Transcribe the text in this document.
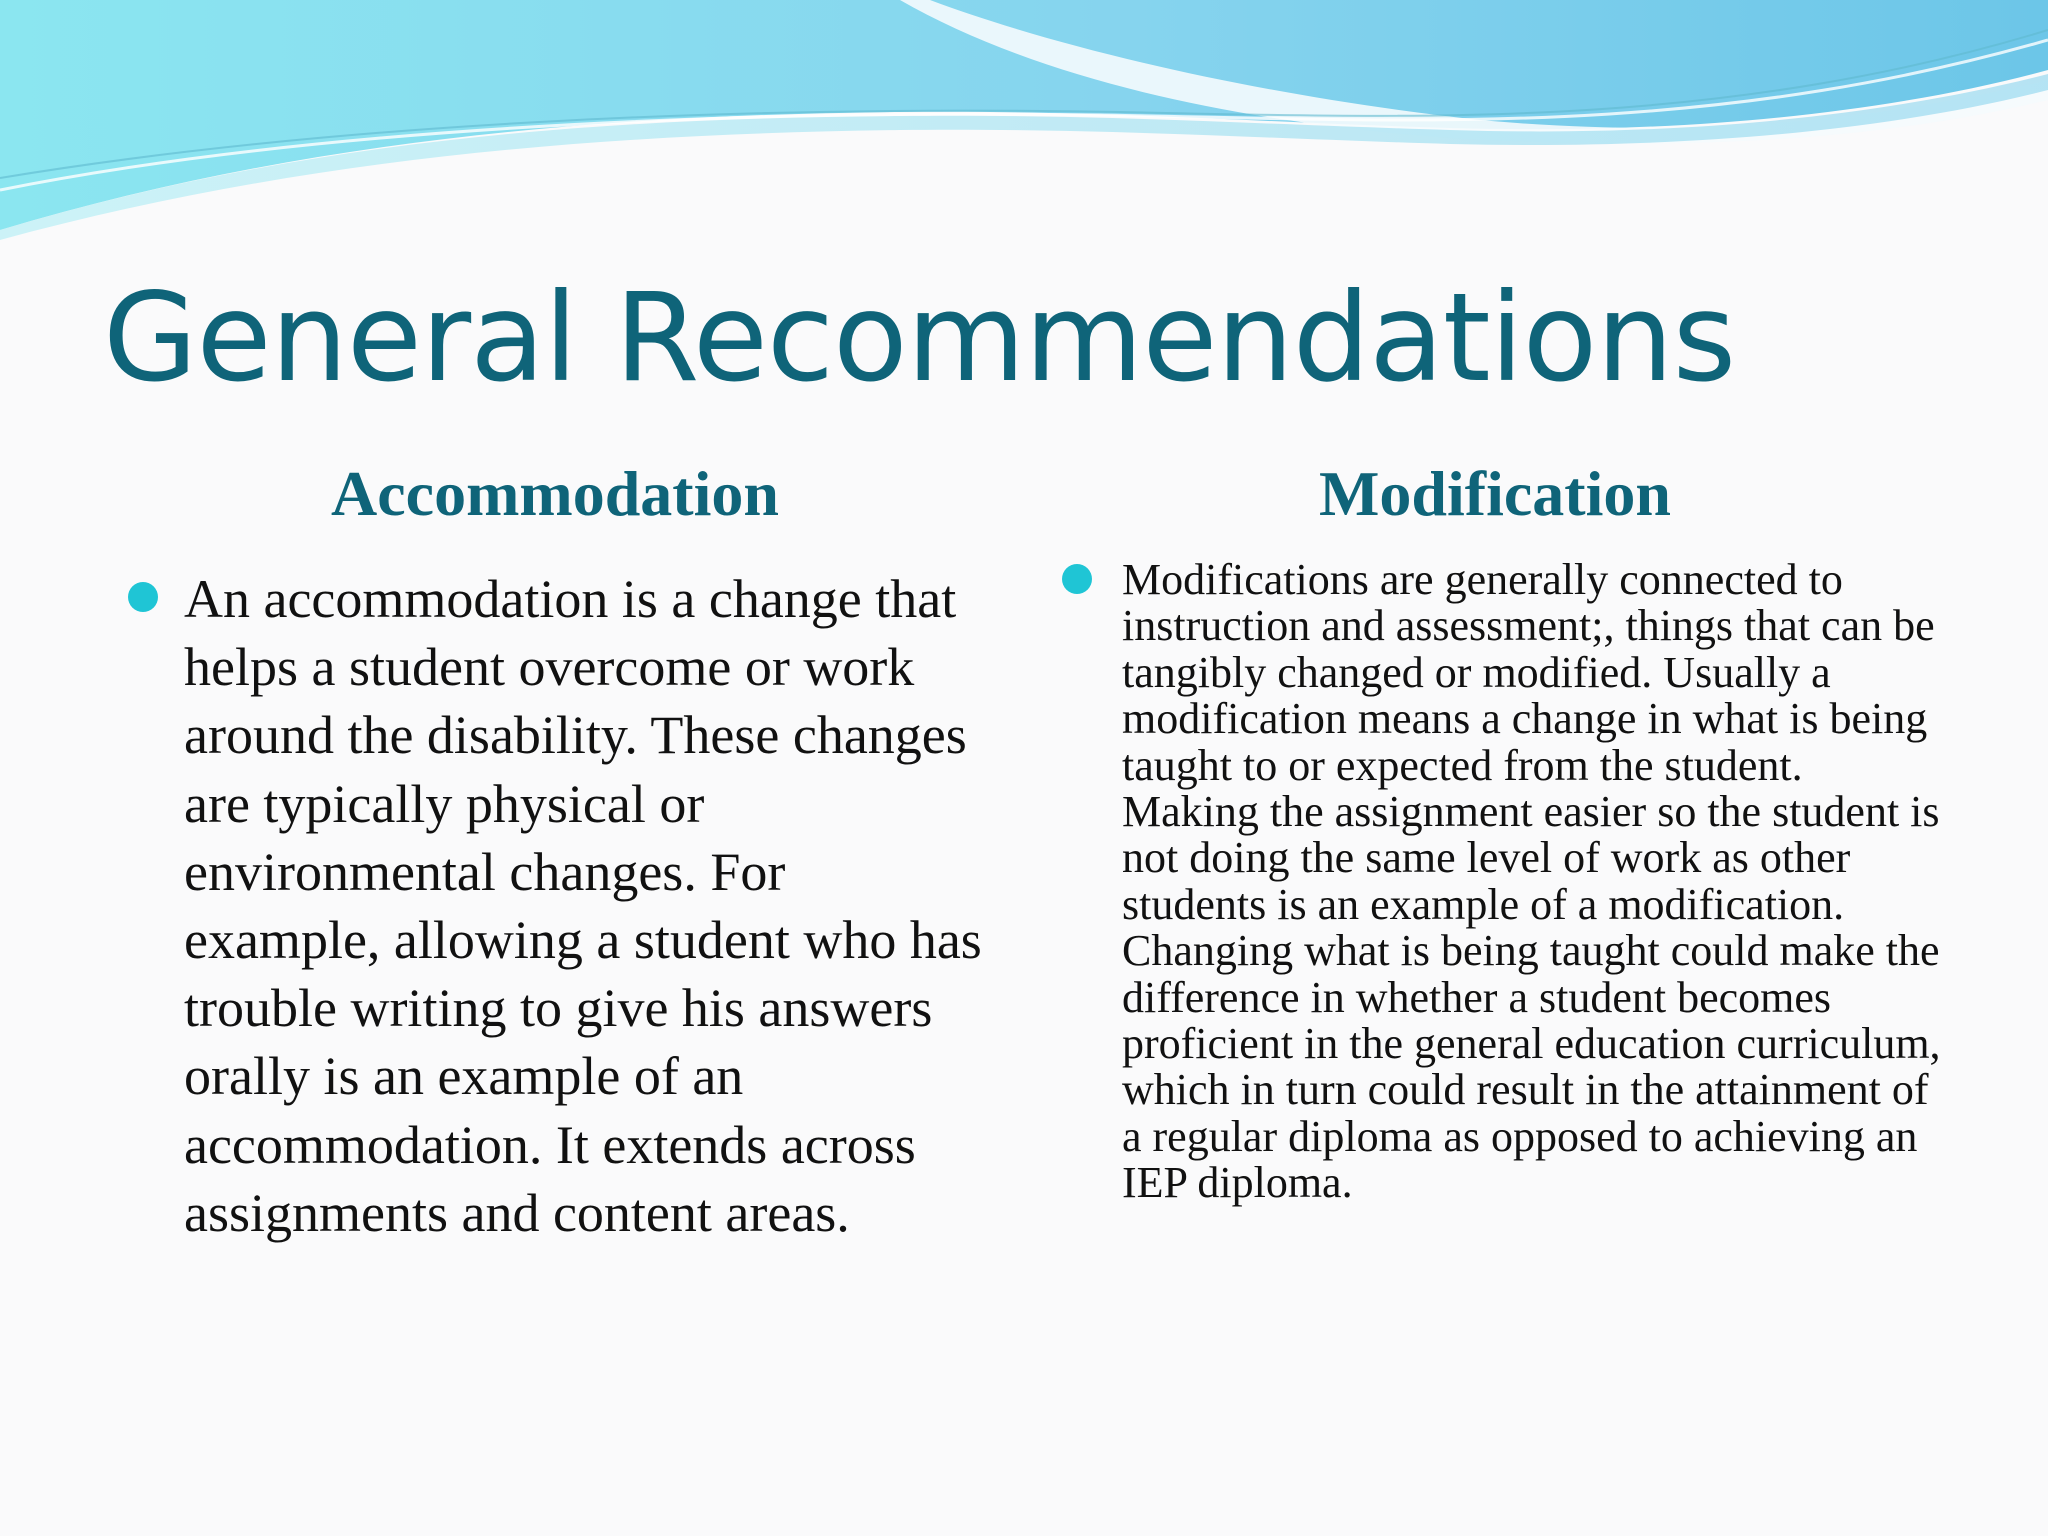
General Recommendations
Accommodation	Modification

An accommodation is a change that helps a student overcome or work around the disability. These changes are typically physical or environmental changes. For example, allowing a student who has trouble writing to give his answers orally is an example of an accommodation. It extends across assignments and content areas.

Modifications are generally connected to instruction and assessment;, things that can be tangibly changed or modified. Usually a modification means a change in what is being taught to or expected from the student. Making the assignment easier so the student is not doing the same level of work as other students is an example of a modification. Changing what is being taught could make the difference in whether a student becomes proficient in the general education curriculum, which in turn could result in the attainment of a regular diploma as opposed to achieving an IEP diploma.
